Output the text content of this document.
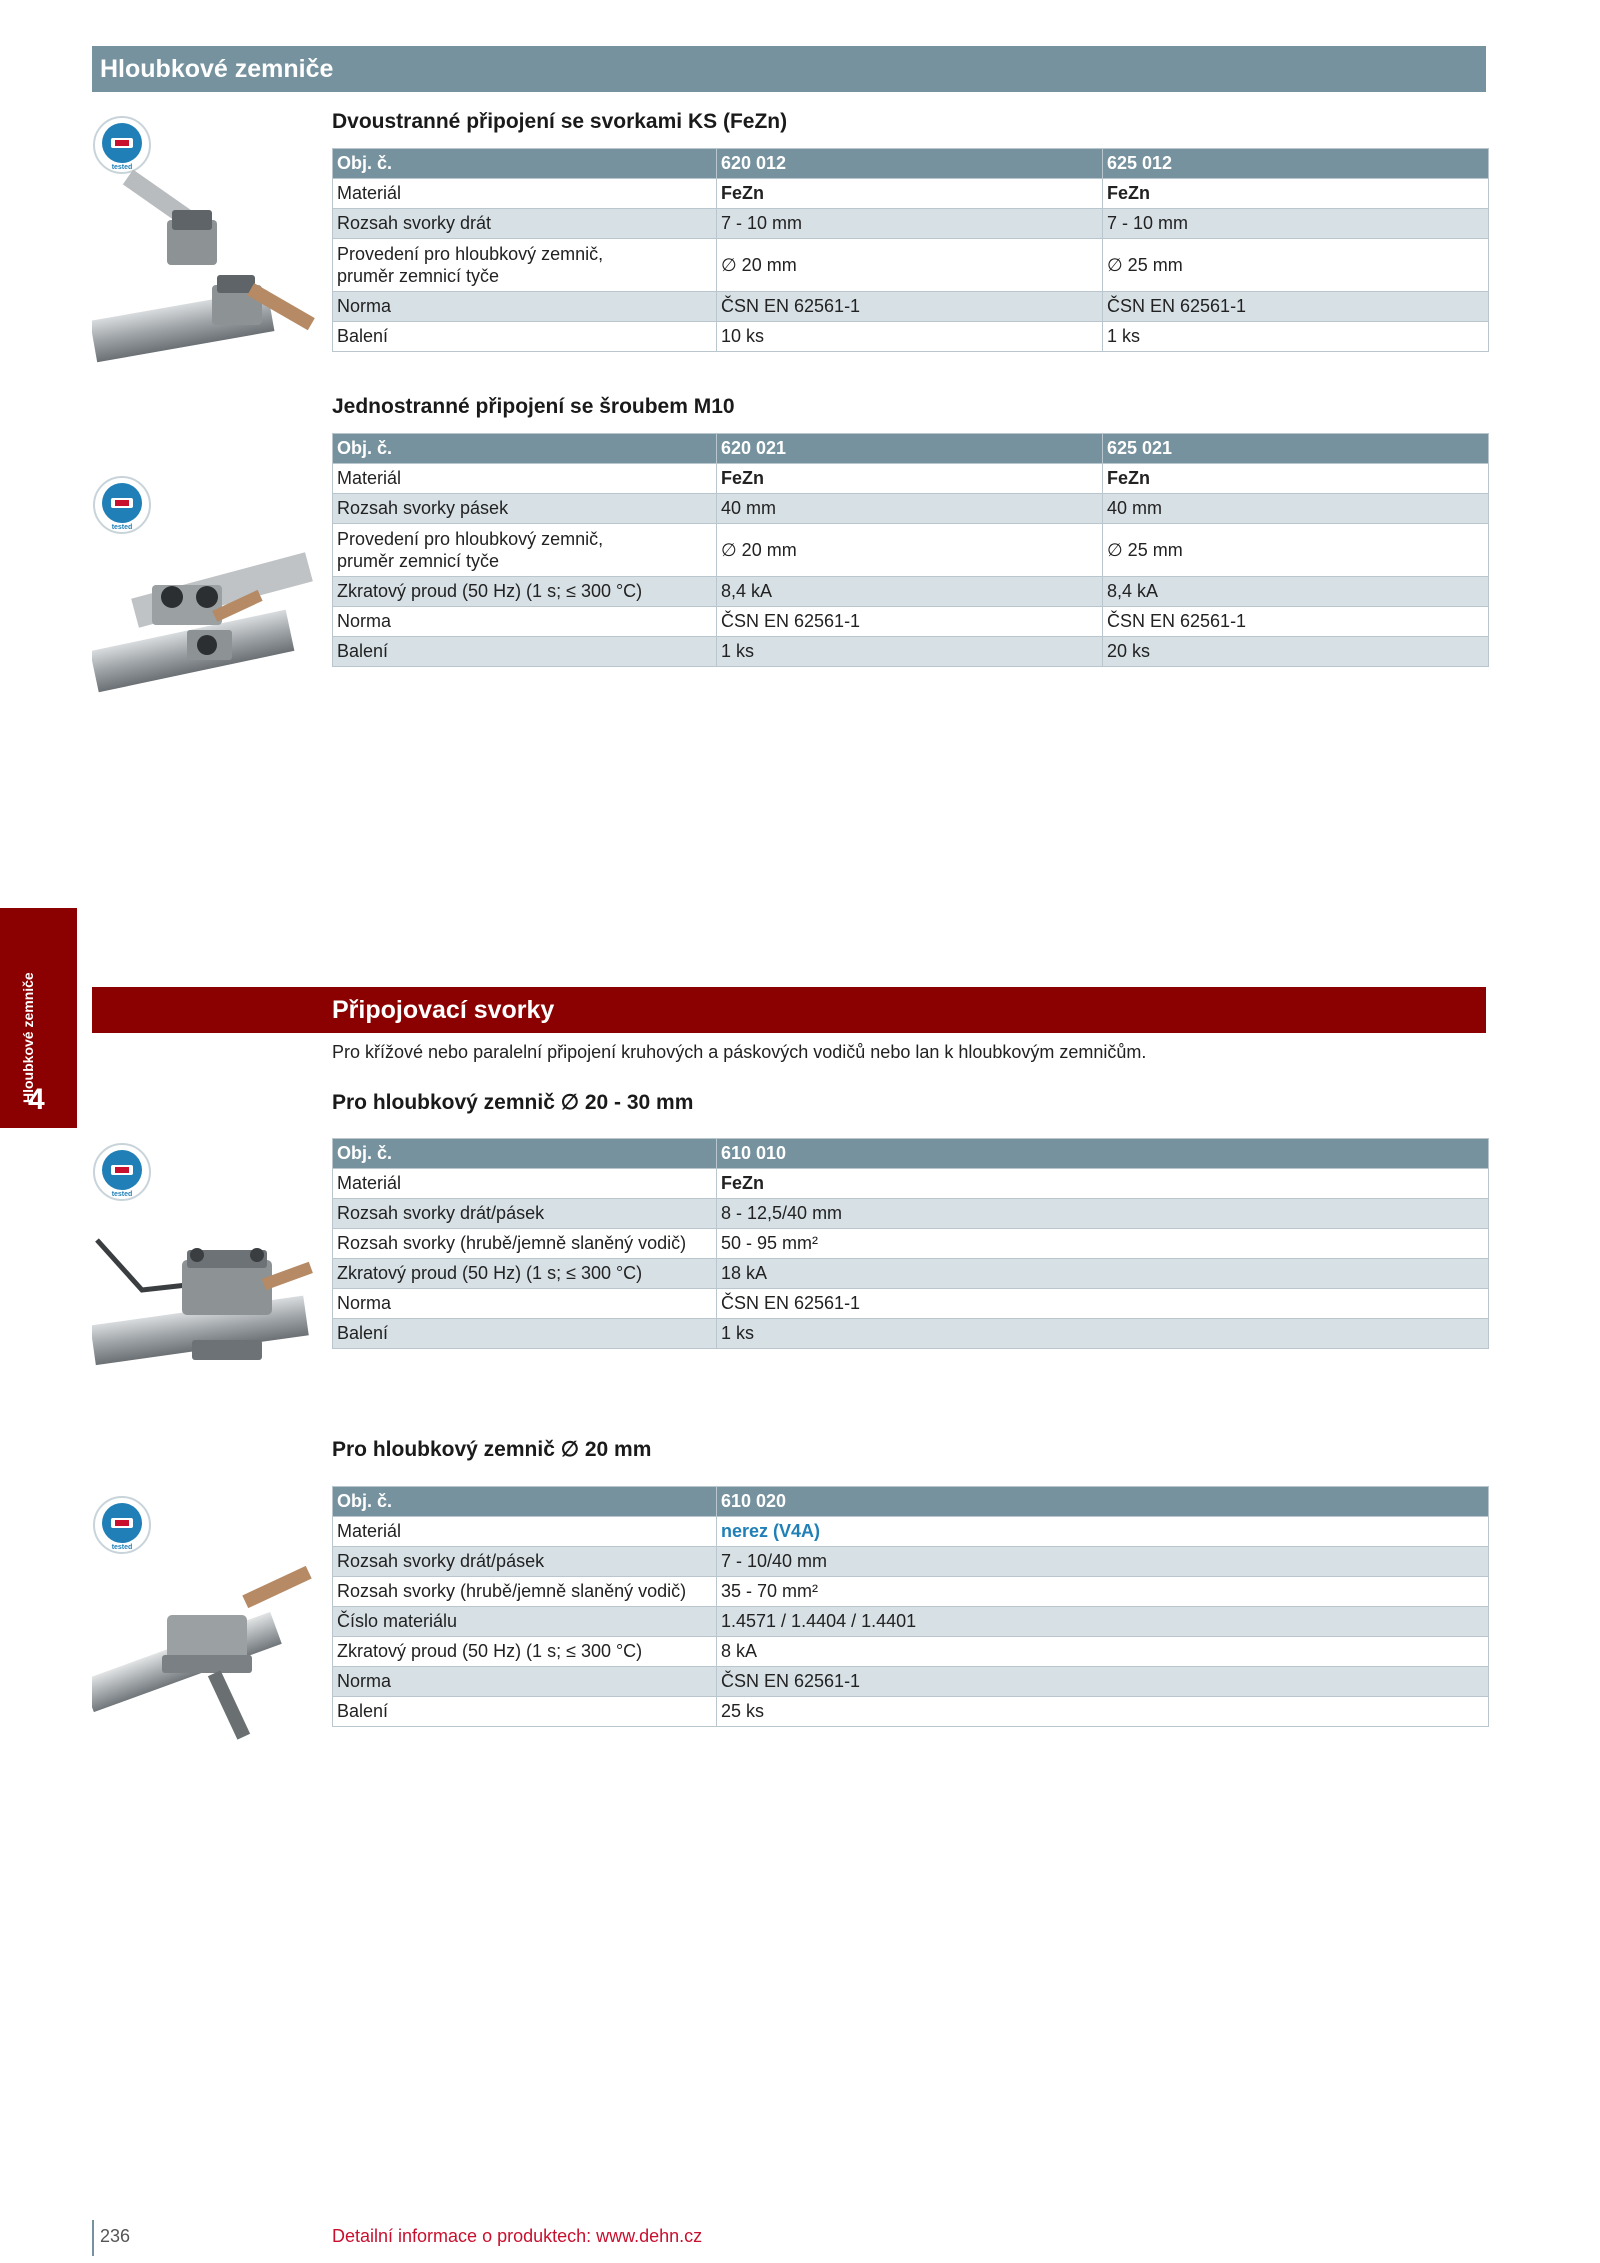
Hloubkové zemniče
Hloubkové zemniče
4
tested
Dvoustranné připojení se svorkami KS (FeZn)
Obj. č.	620 012	625 012
Materiál	FeZn	FeZn
Rozsah svorky drát	7 - 10 mm	7 - 10 mm
Provedení pro hloubkový zemnič,
pruměr zemnicí tyče	∅ 20 mm	∅ 25 mm
Norma	ČSN EN 62561-1	ČSN EN 62561-1
Balení	10 ks	1 ks
tested
Jednostranné připojení se šroubem M10
Obj. č.	620 021	625 021
Materiál	FeZn	FeZn
Rozsah svorky pásek	40 mm	40 mm
Provedení pro hloubkový zemnič,
pruměr zemnicí tyče	∅ 20 mm	∅ 25 mm
Zkratový proud (50 Hz) (1 s; ≤ 300 °C)	8,4 kA	8,4 kA
Norma	ČSN EN 62561-1	ČSN EN 62561-1
Balení	1 ks	20 ks
Připojovací svorky
Pro křížové nebo paralelní připojení kruhových a páskových vodičů nebo lan k hloubkovým zemničům.
tested
Pro hloubkový zemnič ∅ 20 - 30 mm
Obj. č.	610 010
Materiál	FeZn
Rozsah svorky drát/pásek	8 - 12,5/40 mm
Rozsah svorky (hrubě/jemně slaněný vodič)	50 - 95 mm²
Zkratový proud (50 Hz) (1 s; ≤ 300 °C)	18 kA
Norma	ČSN EN 62561-1
Balení	1 ks
tested
Pro hloubkový zemnič ∅ 20 mm
Obj. č.	610 020
Materiál	nerez (V4A)
Rozsah svorky drát/pásek	7 - 10/40 mm
Rozsah svorky (hrubě/jemně slaněný vodič)	35 - 70 mm²
Číslo materiálu	1.4571 / 1.4404 / 1.4401
Zkratový proud (50 Hz) (1 s; ≤ 300 °C)	8 kA
Norma	ČSN EN 62561-1
Balení	25 ks
236	Detailní informace o produktech: www.dehn.cz
